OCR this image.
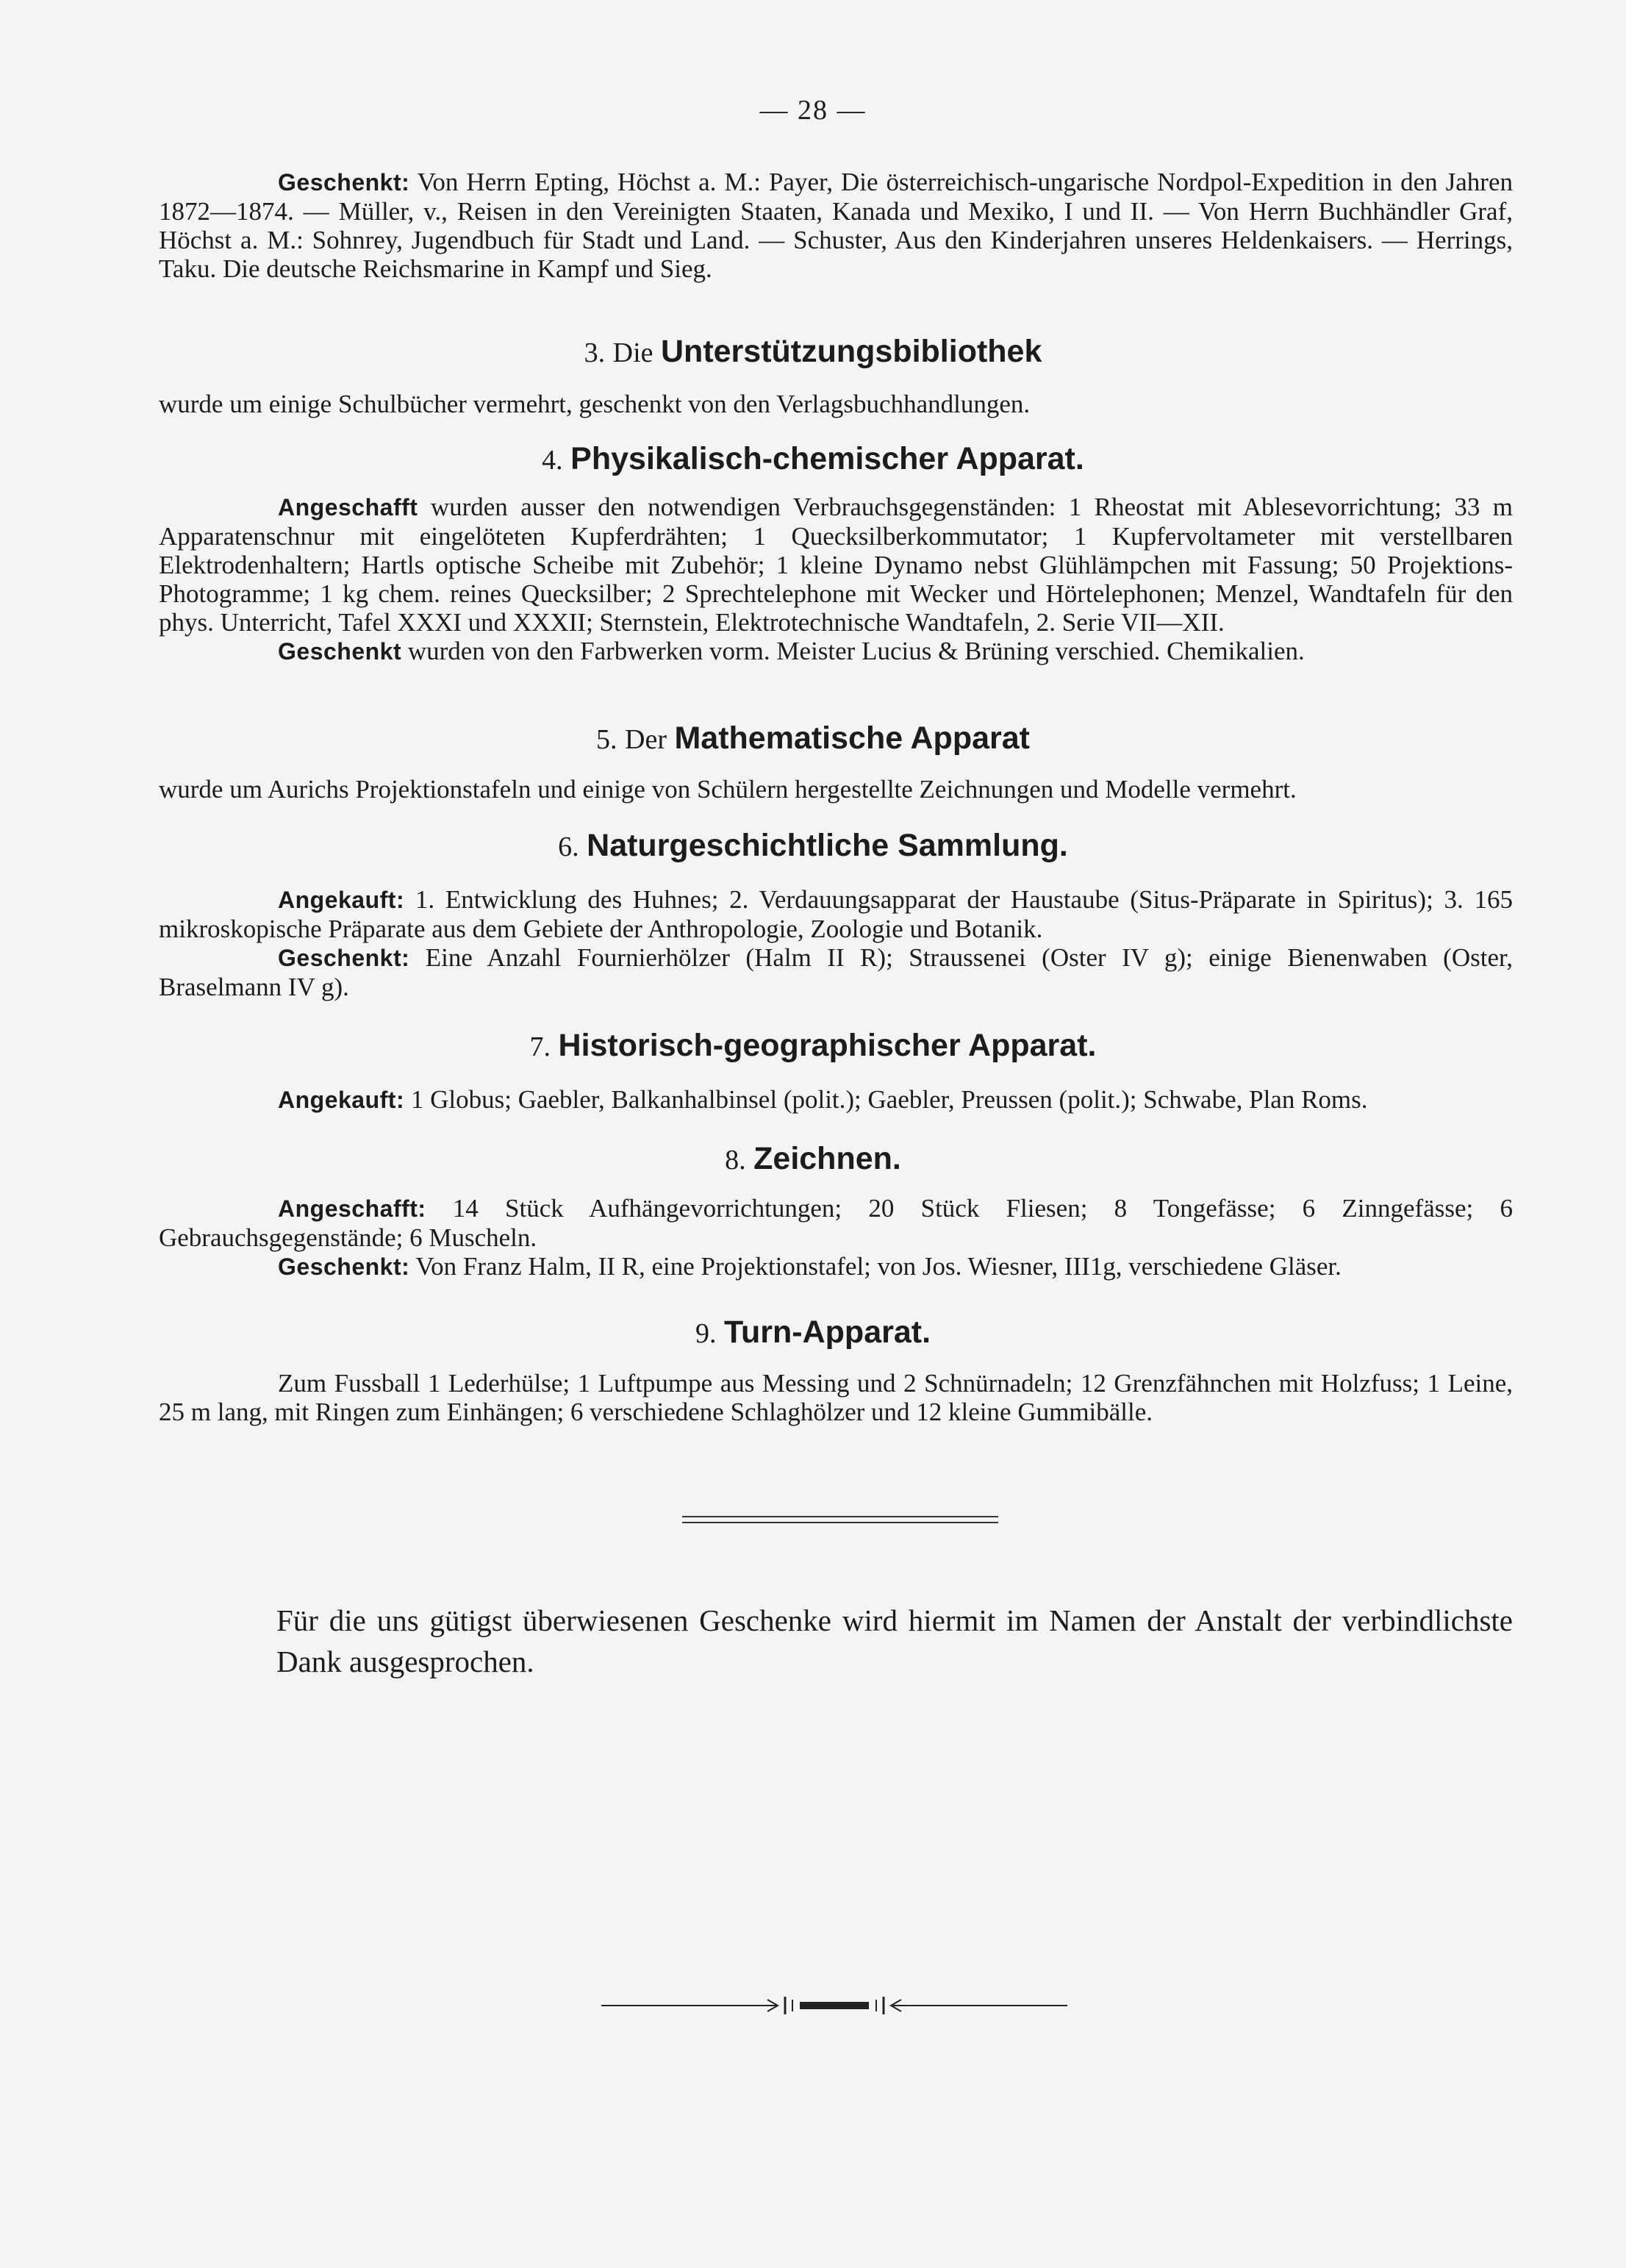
— 28 —

Geschenkt: Von Herrn Epting, Höchst a. M.: Payer, Die österreichisch-ungarische Nordpol-Expedition in den Jahren 1872—1874. — Müller, v., Reisen in den Vereinigten Staaten, Kanada und Mexiko, I und II. — Von Herrn Buchhändler Graf, Höchst a. M.: Sohnrey, Jugendbuch für Stadt und Land. — Schuster, Aus den Kinderjahren unseres Heldenkaisers. — Herrings, Taku. Die deutsche Reichsmarine in Kampf und Sieg.

3. Die Unterstützungsbibliothek

wurde um einige Schulbücher vermehrt, geschenkt von den Verlagsbuchhandlungen.

4. Physikalisch-chemischer Apparat.

Angeschafft wurden ausser den notwendigen Verbrauchsgegenständen: 1 Rheostat mit Ablesevorrichtung; 33 m Apparatenschnur mit eingelöteten Kupferdrähten; 1 Quecksilberkommutator; 1 Kupfervoltameter mit verstellbaren Elektrodenhaltern; Hartls optische Scheibe mit Zubehör; 1 kleine Dynamo nebst Glühlämpchen mit Fassung; 50 Projektions-Photogramme; 1 kg chem. reines Quecksilber; 2 Sprechtelephone mit Wecker und Hörtelephonen; Menzel, Wandtafeln für den phys. Unterricht, Tafel XXXI und XXXII; Sternstein, Elektrotechnische Wandtafeln, 2. Serie VII—XII.

Geschenkt wurden von den Farbwerken vorm. Meister Lucius & Brüning verschied. Chemikalien.

5. Der Mathematische Apparat

wurde um Aurichs Projektionstafeln und einige von Schülern hergestellte Zeichnungen und Modelle vermehrt.

6. Naturgeschichtliche Sammlung.

Angekauft: 1. Entwicklung des Huhnes; 2. Verdauungsapparat der Haustaube (Situs-Präparate in Spiritus); 3. 165 mikroskopische Präparate aus dem Gebiete der Anthropologie, Zoologie und Botanik.

Geschenkt: Eine Anzahl Fournierhölzer (Halm II R); Straussenei (Oster IV g); einige Bienenwaben (Oster, Braselmann IV g).

7. Historisch-geographischer Apparat.

Angekauft: 1 Globus; Gaebler, Balkanhalbinsel (polit.); Gaebler, Preussen (polit.); Schwabe, Plan Roms.

8. Zeichnen.

Angeschafft: 14 Stück Aufhängevorrichtungen; 20 Stück Fliesen; 8 Tongefässe; 6 Zinngefässe; 6 Gebrauchsgegenstände; 6 Muscheln.

Geschenkt: Von Franz Halm, II R, eine Projektionstafel; von Jos. Wiesner, III1g, verschiedene Gläser.

9. Turn-Apparat.

Zum Fussball 1 Lederhülse; 1 Luftpumpe aus Messing und 2 Schnürnadeln; 12 Grenzfähnchen mit Holzfuss; 1 Leine, 25 m lang, mit Ringen zum Einhängen; 6 verschiedene Schlaghölzer und 12 kleine Gummibälle.

Für die uns gütigst überwiesenen Geschenke wird hiermit im Namen der Anstalt der verbindlichste Dank ausgesprochen.
